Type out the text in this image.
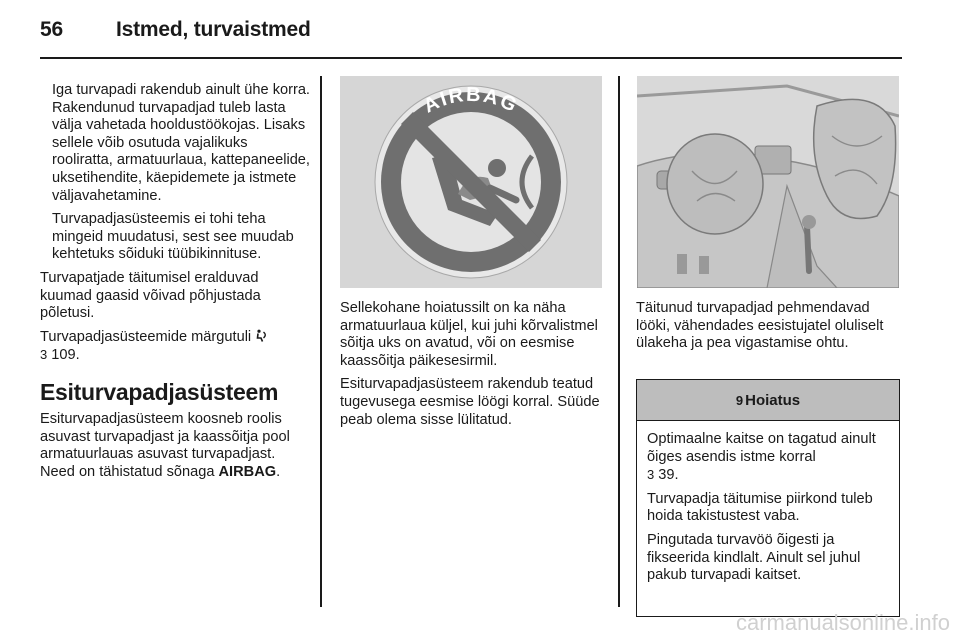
56	Istmed, turvaistmed

Iga turvapadi rakendub ainult ühe korra. Rakendunud turvapadjad tuleb lasta välja vahetada hooldustöökojas. Lisaks sellele võib osutuda vajalikuks rooliratta, armatuurlaua, kattepaneelide, uksetihendite, käepidemete ja istmete väljavahetamine.

Turvapadjasüsteemis ei tohi teha mingeid muudatusi, sest see muudab kehtetuks sõiduki tüübikinnituse.

Turvapatjade täitumisel eralduvad kuumad gaasid võivad põhjustada põletusi.

Turvapadjasüsteemide märgutuli
3 109.

Esiturvapadjasüsteem

Esiturvapadjasüsteem koosneb roolis asuvast turvapadjast ja kaassõitja pool armatuurlauas asuvast turvapadjast. Need on tähistatud sõnaga AIRBAG.

AIRBAG

Sellekohane hoiatussilt on ka näha armatuurlaua küljel, kui juhi kõrvalistmel sõitja uks on avatud, või on eesmise kaassõitja päikesesirmil.

Esiturvapadjasüsteem rakendub teatud tugevusega eesmise löögi korral. Süüde peab olema sisse lülitatud.

Täitunud turvapadjad pehmendavad lööki, vähendades eesistujatel oluliselt ülakeha ja pea vigastamise ohtu.

9 Hoiatus

Optimaalne kaitse on tagatud ainult õiges asendis istme korral
3 39.

Turvapadja täitumise piirkond tuleb hoida takistustest vaba.

Pingutada turvavöö õigesti ja fikseerida kindlalt. Ainult sel juhul pakub turvapadi kaitset.

carmanualsonline.info
